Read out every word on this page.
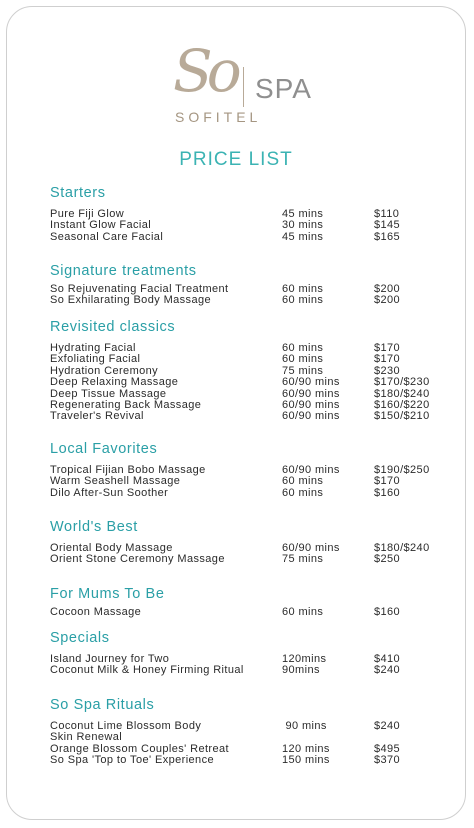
So SPA
SOFITEL
PRICE LIST
Starters
Pure Fiji Glow	45 mins	$110
Instant Glow Facial	30 mins	$145
Seasonal Care Facial	45 mins	$165
Signature treatments
So Rejuvenating Facial Treatment	60 mins	$200
So Exhilarating Body Massage	60 mins	$200
Revisited classics
Hydrating Facial	60 mins	$170
Exfoliating Facial	60 mins	$170
Hydration Ceremony	75 mins	$230
Deep Relaxing Massage	60/90 mins	$170/$230
Deep Tissue Massage	60/90 mins	$180/$240
Regenerating Back Massage	60/90 mins	$160/$220
Traveler's Revival	60/90 mins	$150/$210
Local Favorites
Tropical Fijian Bobo Massage	60/90 mins	$190/$250
Warm Seashell Massage	60 mins	$170
Dilo After-Sun Soother	60 mins	$160
World's Best
Oriental Body Massage	60/90 mins	$180/$240
Orient Stone Ceremony Massage	75 mins	$250
For Mums To Be
Cocoon Massage	60 mins	$160
Specials
Island Journey for Two	120mins	$410
Coconut Milk & Honey Firming Ritual	90mins	$240
So Spa Rituals
Coconut Lime Blossom Body	90 mins	$240
Skin Renewal
Orange Blossom Couples' Retreat	120 mins	$495
So Spa 'Top to Toe' Experience	150 mins	$370
